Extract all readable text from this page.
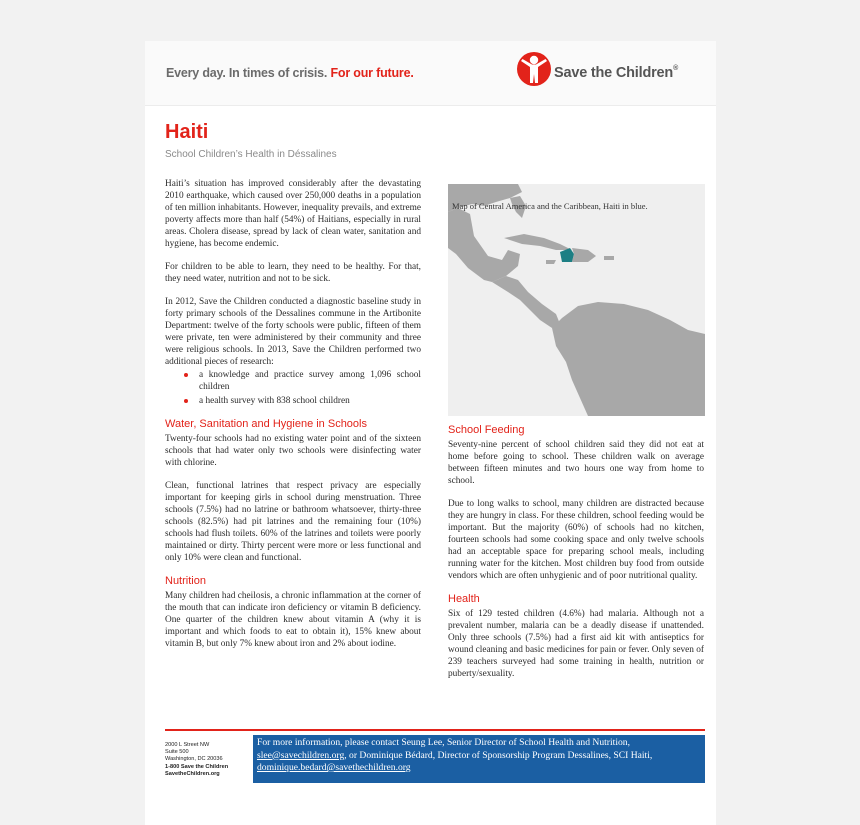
Every day. In times of crisis. For our future.	Save the Children®
Haiti
School Children’s Health in Déssalines

Haiti’s situation has improved considerably after the devastating 2010 earthquake, which caused over 250,000 deaths in a population of ten million inhabitants. However, inequality prevails, and extreme poverty affects more than half (54%) of Haitians, especially in rural areas. Cholera disease, spread by lack of clean water, sanitation and hygiene, has become endemic.

For children to be able to learn, they need to be healthy. For that, they need water, nutrition and not to be sick.

In 2012, Save the Children conducted a diagnostic baseline study in forty primary schools of the Dessalines commune in the Artibonite Department: twelve of the forty schools were public, fifteen of them were private, ten were administered by their community and three were religious schools. In 2013, Save the Children performed two additional pieces of research:

a knowledge and practice survey among 1,096 school children
a health survey with 838 school children
Water, Sanitation and Hygiene in Schools

Twenty-four schools had no existing water point and of the sixteen schools that had water only two schools were disinfecting water with chlorine.

Clean, functional latrines that respect privacy are especially important for keeping girls in school during menstruation. Three schools (7.5%) had no latrine or bathroom whatsoever, thirty-three schools (82.5%) had pit latrines and the remaining four (10%) schools had flush toilets. 60% of the latrines and toilets were poorly maintained or dirty. Thirty percent were more or less functional and only 10% were clean and functional.

Nutrition

Many children had cheilosis, a chronic inflammation at the corner of the mouth that can indicate iron deficiency or vitamin B deficiency. One quarter of the children knew about vitamin A (why it is important and which foods to eat to obtain it), 15% knew about vitamin B, but only 7% knew about iron and 2% about iodine.

Map of Central America and the Caribbean, Haiti in blue.
School Feeding

Seventy-nine percent of school children said they did not eat at home before going to school. These children walk on average between fifteen minutes and two hours one way from home to school.

Due to long walks to school, many children are distracted because they are hungry in class. For these children, school feeding would be important. But the majority (60%) of schools had no kitchen, fourteen schools had some cooking space and only twelve schools had an acceptable space for preparing school meals, including running water for the kitchen. Most children buy food from outside vendors which are often unhygienic and of poor nutritional quality.

Health

Six of 129 tested children (4.6%) had malaria. Although not a prevalent number, malaria can be a deadly disease if unattended. Only three schools (7.5%) had a first aid kit with antiseptics for wound cleaning and basic medicines for pain or fever. Only seven of 239 teachers surveyed had some training in health, nutrition or puberty/sexuality.

2000 L Street NW
Suite 500
Washington, DC 20036
1-800 Save the Children
SavetheChildren.org
For more information, please contact Seung Lee, Senior Director of School Health and Nutrition, slee@savechildren.org, or Dominique Bédard, Director of Sponsorship Program Dessalines, SCI Haiti, dominique.bedard@savethechildren.org
